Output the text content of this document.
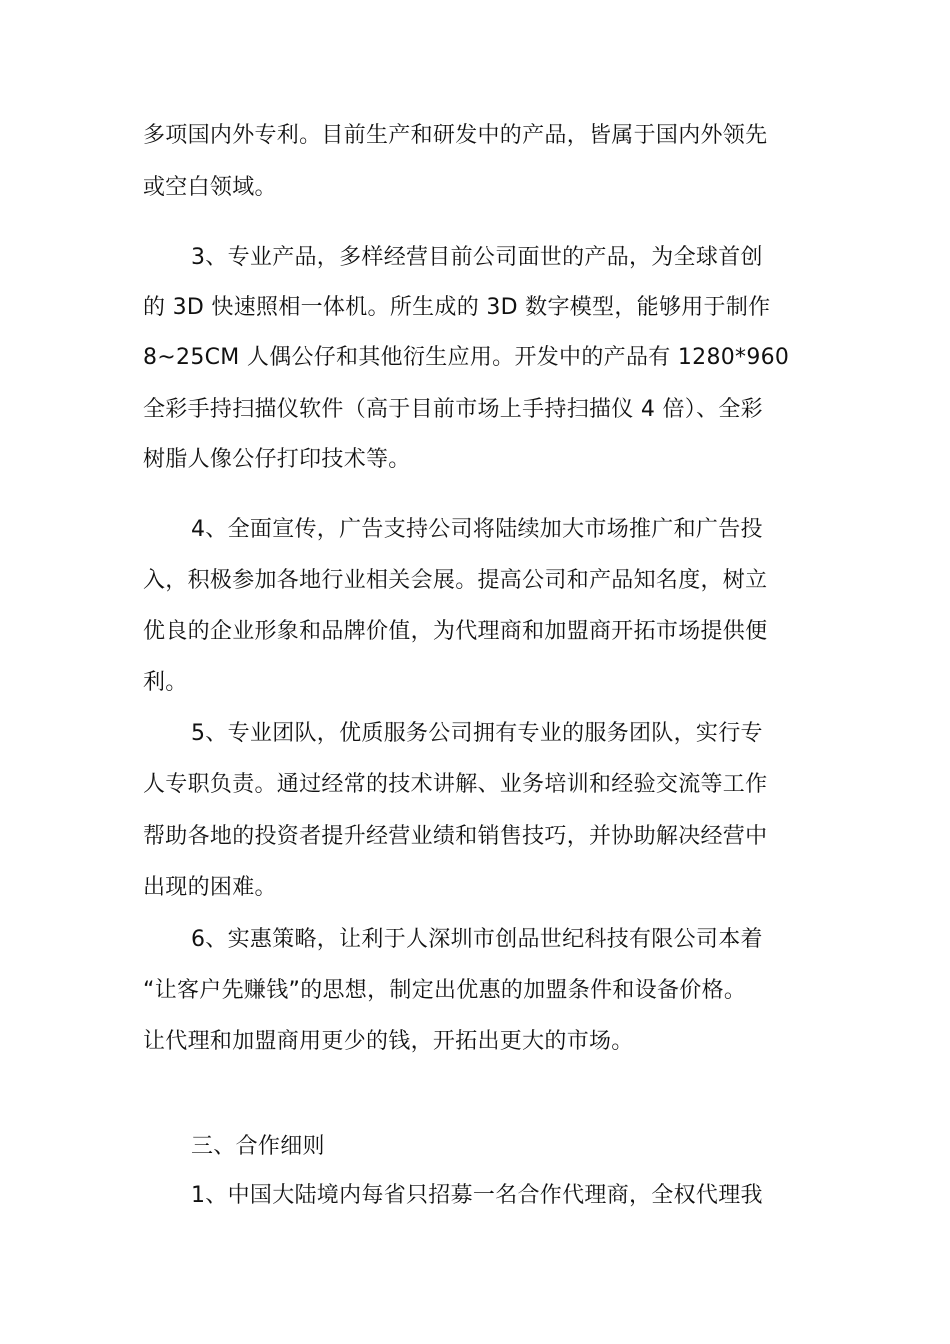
多项国内外专利。目前生产和研发中的产品，皆属于国内外领先
或空白领域。
3、专业产品，多样经营目前公司面世的产品，为全球首创
的 3D 快速照相一体机。所生成的 3D 数字模型，能够用于制作
8~25CM 人偶公仔和其他衍生应用。开发中的产品有 1280*960
全彩手持扫描仪软件（高于目前市场上手持扫描仪 4 倍）、全彩
树脂人像公仔打印技术等。
4、全面宣传，广告支持公司将陆续加大市场推广和广告投
入，积极参加各地行业相关会展。提高公司和产品知名度，树立
优良的企业形象和品牌价值，为代理商和加盟商开拓市场提供便
利。
5、专业团队，优质服务公司拥有专业的服务团队，实行专
人专职负责。通过经常的技术讲解、业务培训和经验交流等工作
帮助各地的投资者提升经营业绩和销售技巧，并协助解决经营中
出现的困难。
6、实惠策略，让利于人深圳市创品世纪科技有限公司本着
“让客户先赚钱”的思想，制定出优惠的加盟条件和设备价格。
让代理和加盟商用更少的钱，开拓出更大的市场。
三、合作细则
1、中国大陆境内每省只招募一名合作代理商，全权代理我
